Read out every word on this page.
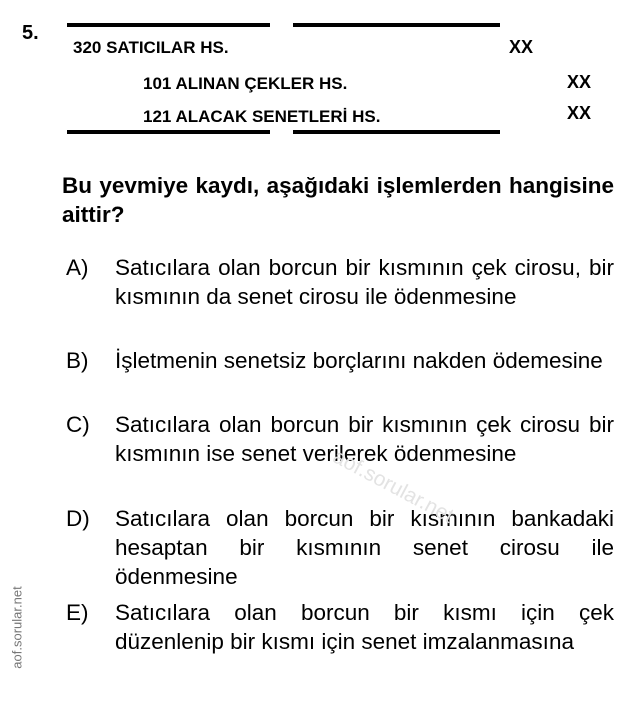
5.
320 SATICILAR HS.	XX
101 ALINAN ÇEKLER HS.	XX
121 ALACAK SENETLERİ HS.	XX
Bu yevmiye kaydı, aşağıdaki işlemlerden hangisine aittir?
A)	Satıcılara olan borcun bir kısmının çek cirosu, bir kısmının da senet cirosu ile ödenmesine
B)	İşletmenin senetsiz borçlarını nakden ödemesine
C)	Satıcılara olan borcun bir kısmının çek cirosu bir kısmının ise senet verilerek ödenmesine
D)	Satıcılara olan borcun bir kısmının bankadaki hesaptan bir kısmının senet cirosu ile ödenmesine
E)	Satıcılara olan borcun bir kısmı için çek düzenlenip bir kısmı için senet imzalanmasına
aof.sorular.net
aof.sorular.net
